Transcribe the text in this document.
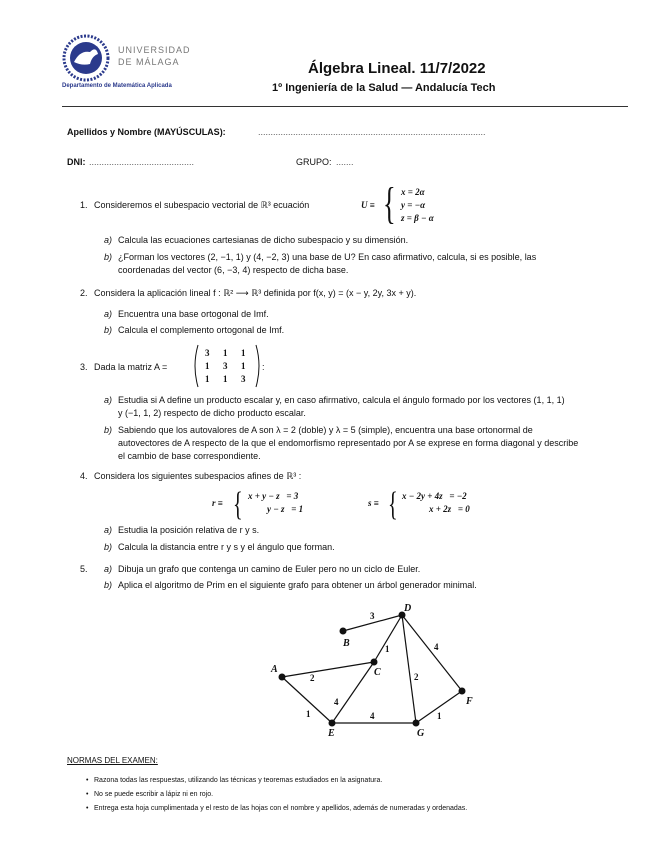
UNIVERSIDAD
DE MÁLAGA
Departamento de Matemática Aplicada
Álgebra Lineal. 11/7/2022
1º Ingeniería de la Salud — Andalucía Tech
Apellidos y Nombre (MAYÚSCULAS):	...........................................................................................
DNI: ..........................................	GRUPO: .......
1. Consideremos el subespacio vectorial de ℝ³ ecuación	U ≡ { x = 2α
y = −α
z = β − α
a) Calcula las ecuaciones cartesianas de dicho subespacio y su dimensión.
b) ¿Forman los vectores (2, −1, 1) y (4, −2, 3) una base de U? En caso afirmativo, calcula, si es posible, las
coordenadas del vector (6, −3, 4) respecto de dicha base.
2. Considera la aplicación lineal f : ℝ² ⟶ ℝ³ definida por f(x, y) = (x − y, 2y, 3x + y).
a) Encuentra una base ortogonal de Imf.
b) Calcula el complemento ortogonal de Imf.
3. Dada la matriz A =
3 1 1
1 3 1
1 1 3
:
a) Estudia si A define un producto escalar y, en caso afirmativo, calcula el ángulo formado por los vectores (1, 1, 1)
y (−1, 1, 2) respecto de dicho producto escalar.
b) Sabiendo que los autovalores de A son λ = 2 (doble) y λ = 5 (simple), encuentra una base ortonormal de
autovectores de A respecto de la que el endomorfismo representado por A se exprese en forma diagonal y describe
el cambio de base correspondiente.
4. Considera los siguientes subespacios afines de ℝ³ :
r ≡ { x + y − z   = 3
y − z   = 1
s ≡ { x − 2y + 4z   = −2
x + 2z   = 0
a) Estudia la posición relativa de r y s.
b) Calcula la distancia entre r y s y el ángulo que forman.
5. a) Dibuja un grafo que contenga un camino de Euler pero no un ciclo de Euler.
b) Aplica el algoritmo de Prim en el siguiente grafo para obtener un árbol generador minimal.
A
B
C
D
E
F
G
3
1	4
2
4
2
1	4	1
NORMAS DEL EXAMEN:
• Razona todas las respuestas, utilizando las técnicas y teoremas estudiados en la asignatura.
• No se puede escribir a lápiz ni en rojo.
• Entrega esta hoja cumplimentada y el resto de las hojas con el nombre y apellidos, además de numeradas y ordenadas.
